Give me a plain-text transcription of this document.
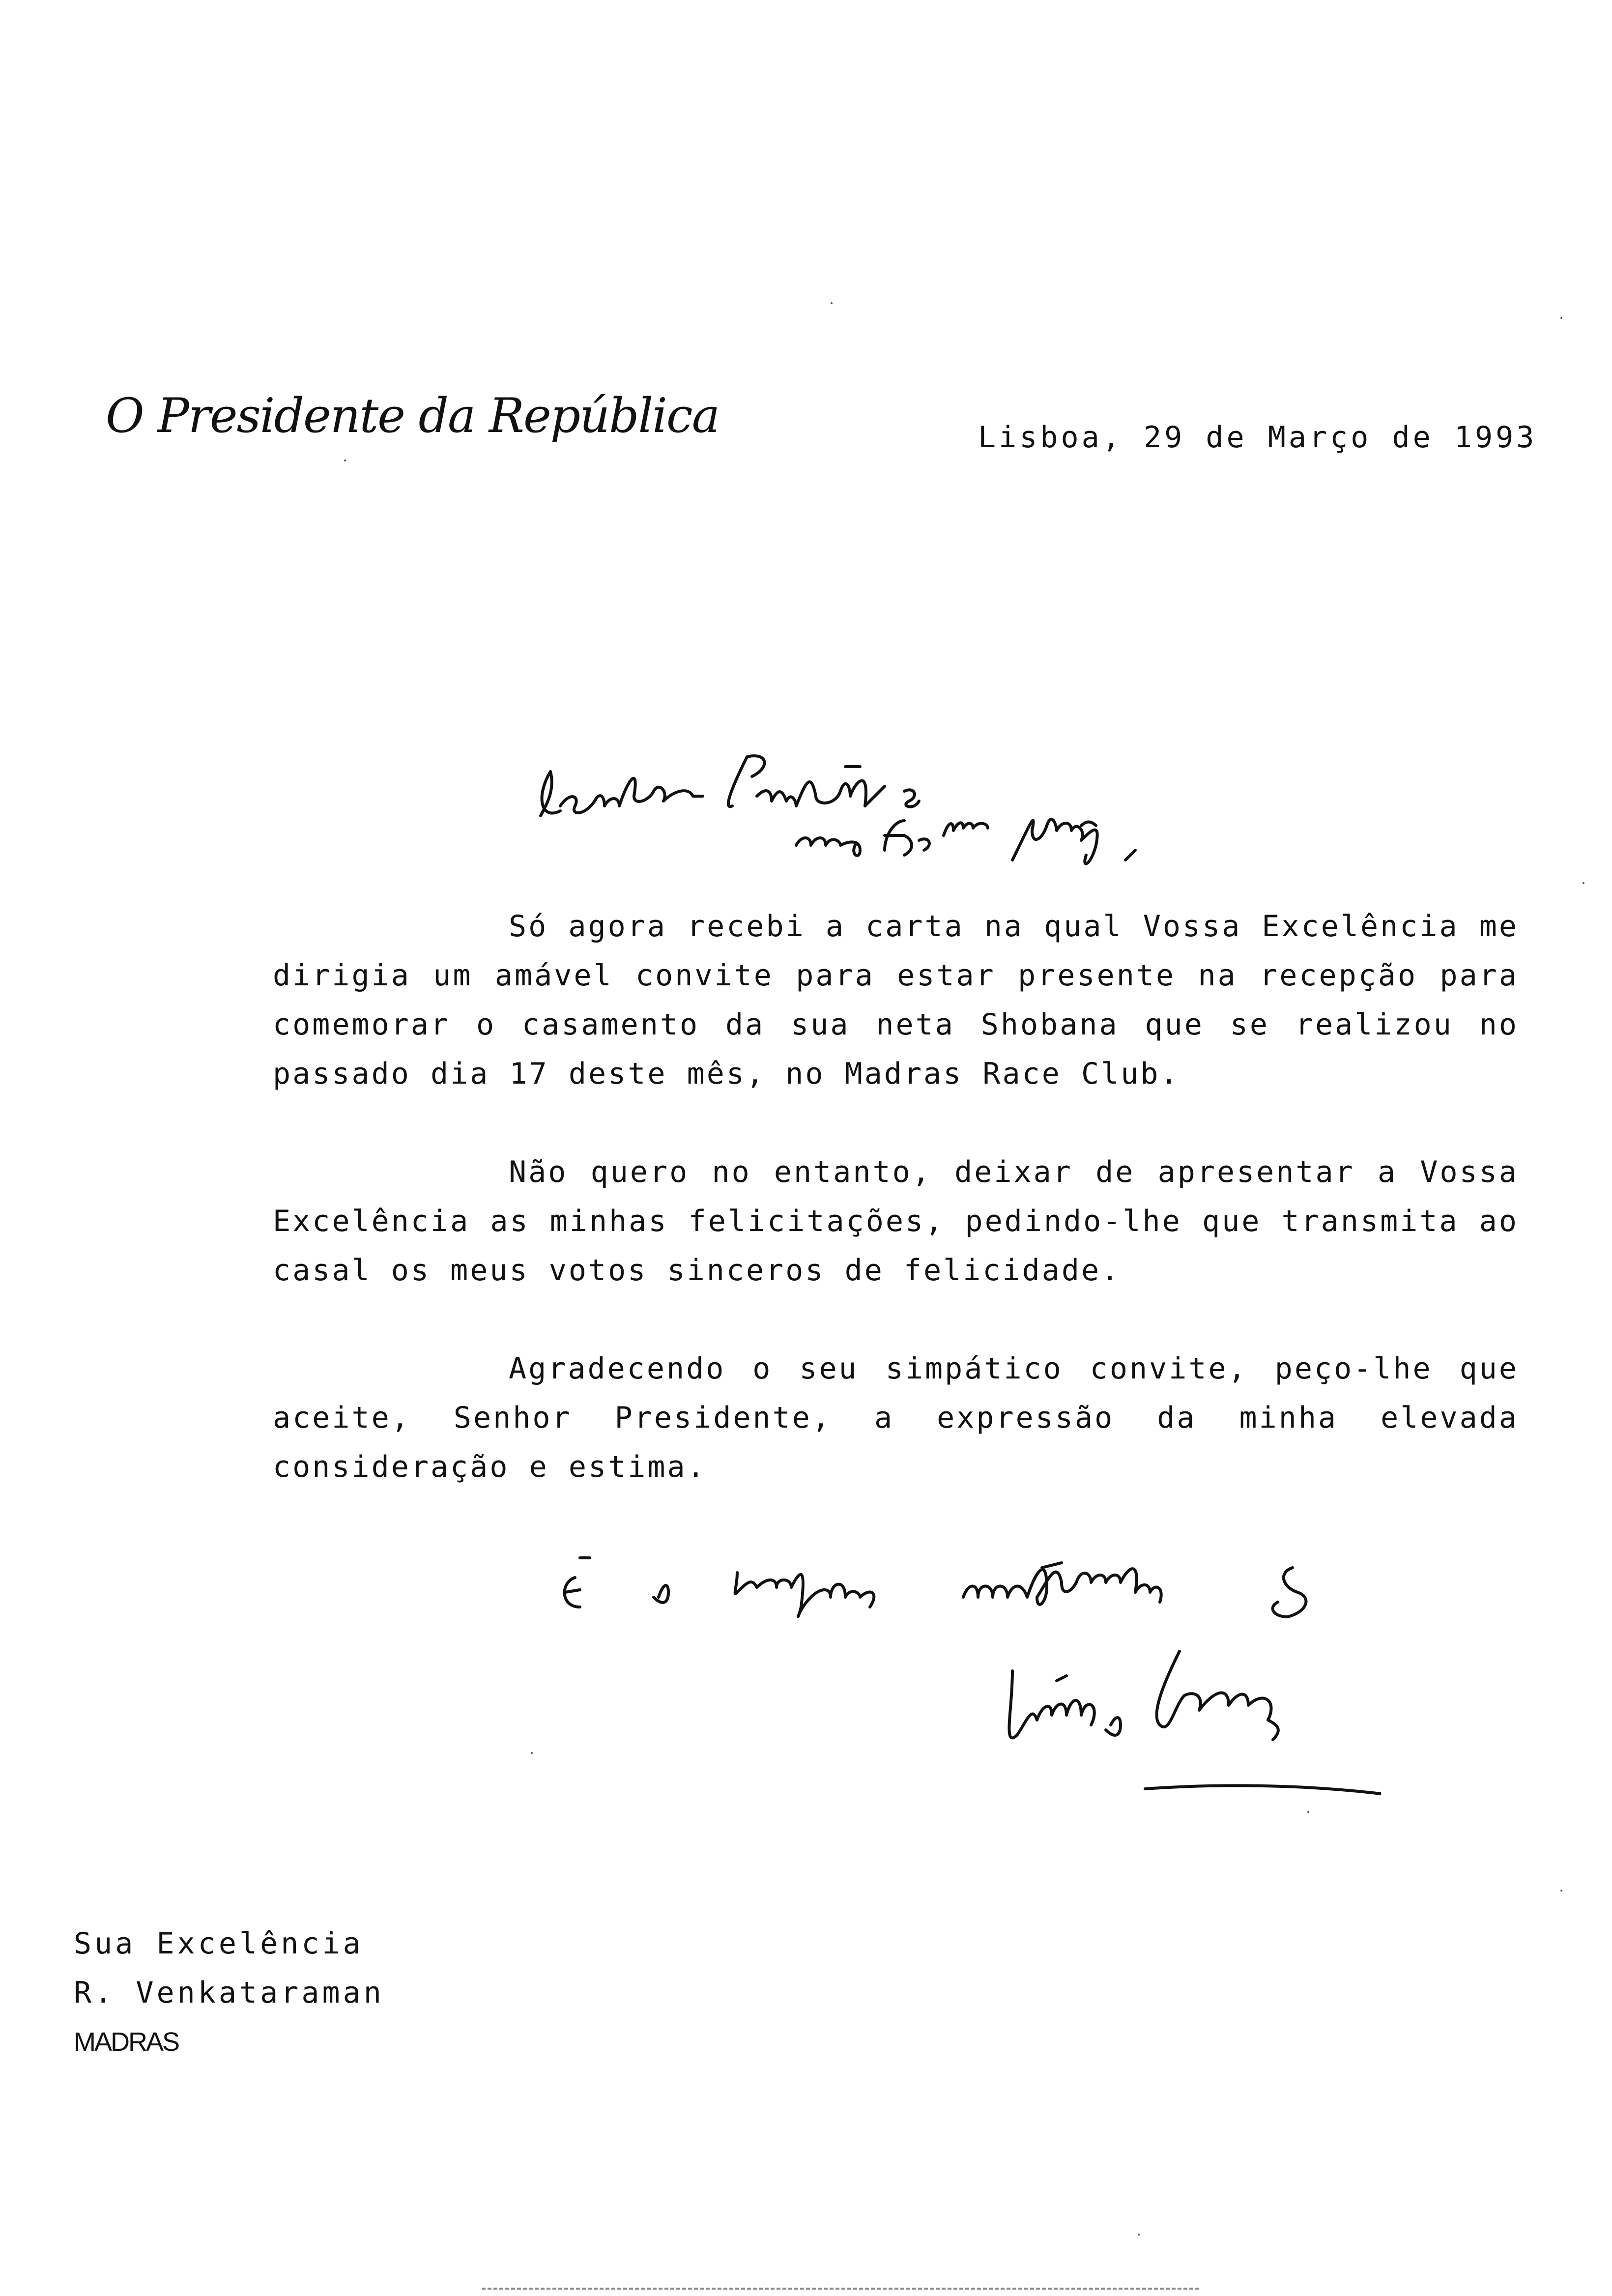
O Presidente da República	Lisboa, 29 de Março de 1993

Só agora recebi a carta na qual Vossa Excelência me dirigia um amável convite para estar presente na recepção para comemorar o casamento da sua neta Shobana que se realizou no passado dia 17 deste mês, no Madras Race Club.

Não quero no entanto, deixar de apresentar a Vossa Excelência as minhas felicitações, pedindo-lhe que transmita ao casal os meus votos sinceros de felicidade.

Agradecendo o seu simpático convite, peço-lhe que aceite, Senhor Presidente, a expressão da minha elevada consideração e estima.

Sua Excelência
R. Venkataraman
MADRAS
